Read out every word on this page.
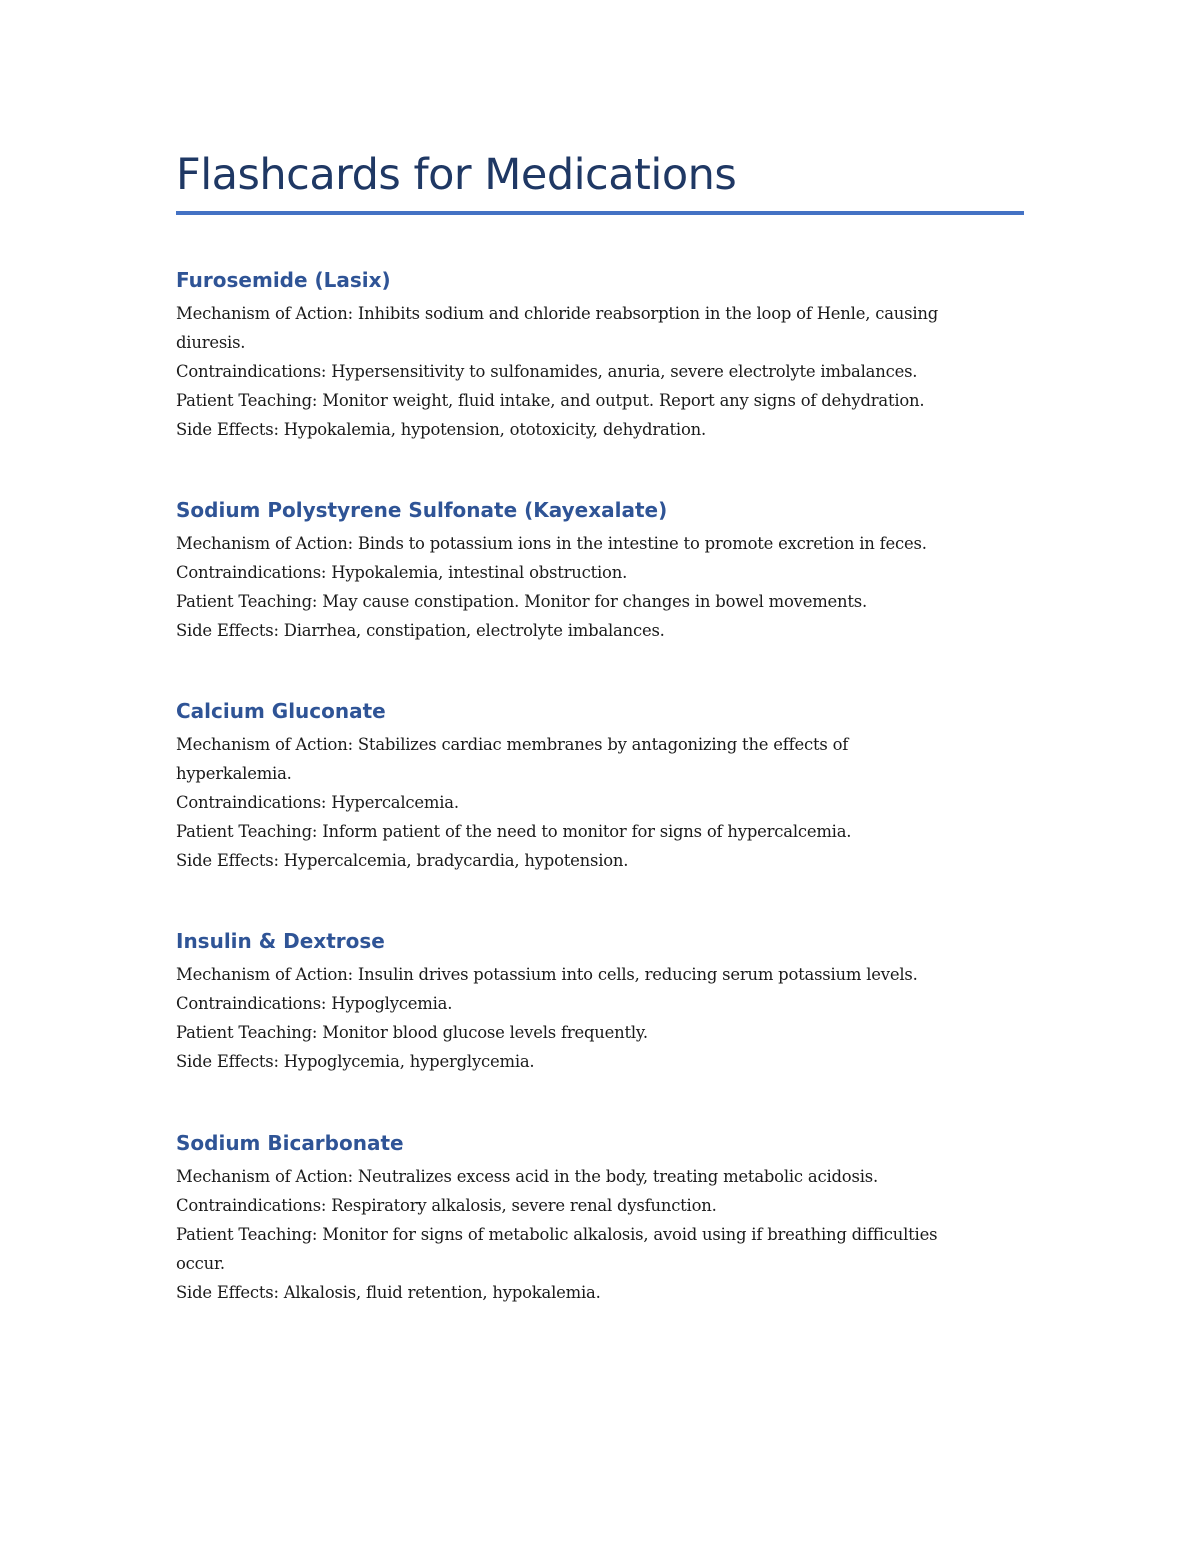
Flashcards for Medications
Furosemide (Lasix)

Mechanism of Action: Inhibits sodium and chloride reabsorption in the loop of Henle, causing diuresis.

Contraindications: Hypersensitivity to sulfonamides, anuria, severe electrolyte imbalances.

Patient Teaching: Monitor weight, fluid intake, and output. Report any signs of dehydration.

Side Effects: Hypokalemia, hypotension, ototoxicity, dehydration.

Sodium Polystyrene Sulfonate (Kayexalate)

Mechanism of Action: Binds to potassium ions in the intestine to promote excretion in feces.

Contraindications: Hypokalemia, intestinal obstruction.

Patient Teaching: May cause constipation. Monitor for changes in bowel movements.

Side Effects: Diarrhea, constipation, electrolyte imbalances.

Calcium Gluconate

Mechanism of Action: Stabilizes cardiac membranes by antagonizing the effects of hyperkalemia.

Contraindications: Hypercalcemia.

Patient Teaching: Inform patient of the need to monitor for signs of hypercalcemia.

Side Effects: Hypercalcemia, bradycardia, hypotension.

Insulin & Dextrose

Mechanism of Action: Insulin drives potassium into cells, reducing serum potassium levels.

Contraindications: Hypoglycemia.

Patient Teaching: Monitor blood glucose levels frequently.

Side Effects: Hypoglycemia, hyperglycemia.

Sodium Bicarbonate

Mechanism of Action: Neutralizes excess acid in the body, treating metabolic acidosis.

Contraindications: Respiratory alkalosis, severe renal dysfunction.

Patient Teaching: Monitor for signs of metabolic alkalosis, avoid using if breathing difficulties occur.

Side Effects: Alkalosis, fluid retention, hypokalemia.
